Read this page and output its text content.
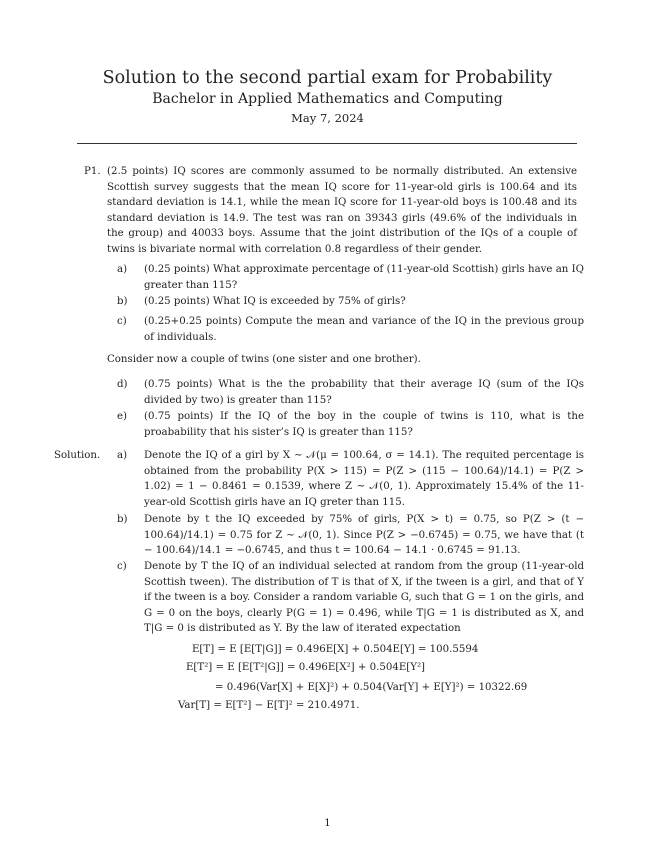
Solution to the second partial exam for Probability
Bachelor in Applied Mathematics and Computing
May 7, 2024
P1. (2.5 points) IQ scores are commonly assumed to be normally distributed. An extensive Scottish survey suggests that the mean IQ score for 11-year-old girls is 100.64 and its standard deviation is 14.1, while the mean IQ score for 11-year-old boys is 100.48 and its standard deviation is 14.9. The test was ran on 39343 girls (49.6% of the individuals in the group) and 40033 boys. Assume that the joint distribution of the IQs of a couple of twins is bivariate normal with correlation 0.8 regardless of their gender.
a) (0.25 points) What approximate percentage of (11-year-old Scottish) girls have an IQ greater than 115?
b) (0.25 points) What IQ is exceeded by 75% of girls?
c) (0.25+0.25 points) Compute the mean and variance of the IQ in the previous group of individuals.
Consider now a couple of twins (one sister and one brother).
d) (0.75 points) What is the the probability that their average IQ (sum of the IQs divided by two) is greater than 115?
e) (0.75 points) If the IQ of the boy in the couple of twins is 110, what is the proabability that his sister’s IQ is greater than 115?
Solution. a) Denote the IQ of a girl by X ∼ 𝒩(μ = 100.64, σ = 14.1). The requited percentage is obtained from the probability P(X > 115) = P(Z > (115 − 100.64)/14.1) = P(Z > 1.02) = 1 − 0.8461 = 0.1539, where Z ∼ 𝒩(0, 1). Approximately 15.4% of the 11-year-old Scottish girls have an IQ greter than 115.
b) Denote by t the IQ exceeded by 75% of girls, P(X > t) = 0.75, so P(Z > (t − 100.64)/14.1) = 0.75 for Z ∼ 𝒩(0, 1). Since P(Z > −0.6745) = 0.75, we have that (t − 100.64)/14.1 = −0.6745, and thus t = 100.64 − 14.1 · 0.6745 = 91.13.
c) Denote by T the IQ of an individual selected at random from the group (11-year-old Scottish tween). The distribution of T is that of X, if the tween is a girl, and that of Y if the tween is a boy. Consider a random variable G, such that G = 1 on the girls, and G = 0 on the boys, clearly P(G = 1) = 0.496, while T|G = 1 is distributed as X, and T|G = 0 is distributed as Y. By the law of iterated expectation
E[T] = E [E[T|G]] = 0.496E[X] + 0.504E[Y] = 100.5594
E[T²] = E [E[T²|G]] = 0.496E[X²] + 0.504E[Y²]
= 0.496(Var[X] + E[X]²) + 0.504(Var[Y] + E[Y]²) = 10322.69
Var[T] = E[T²] − E[T]² = 210.4971.
1
